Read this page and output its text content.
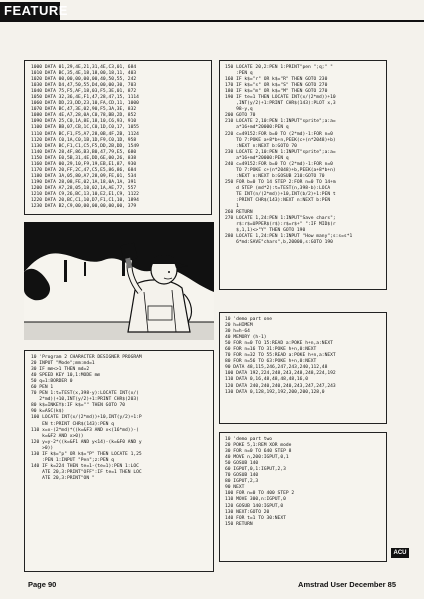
FEATURE
1000 DATA 01,29,4E,21,31,4E,C3,01, 684
1010 DATA BC,35,4E,18,18,00,18,11, 403
1020 DATA 00,00,00,00,00,40,50,55, 242
1030 DATA D4,47,50,55,D4,00,00,30, 703
1040 DATA 75,F5,AF,18,03,F5,3E,01, 872
1050 DATA 32,36,4E,F1,47,28,47,15, 1114
1060 DATA DD,23,DD,23,10,FA,CD,11, 1000
1070 DATA BC,47,3E,02,90,F5,3A,3E, 832
1080 DATA 4E,A7,28,0A,C0,78,BB,2D, 852
1090 DATA 25,C0,1A,8E,18,10,C6,93, 910
1100 DATA BB,07,CB,1C,C0,1D,C0,17, 1055
1110 DATA BC,F1,F5,A7,28,0B,4F,2B, 1124
1120 DATA C0,1A,C0,1B,1D,F9,C0,1D, 958
1130 DATA BC,F1,C1,C5,F5,DD,2B,DD, 1549
1140 DATA 28,4F,86,B3,B0,47,79,E5, 680
1150 DATA E0,5B,31,4E,DD,6E,00,26, 838
1160 DATA 00,29,10,F9,19,EB,E1,87, 930
1170 DATA 20,FF,2C,47,C5,E5,86,86, 684
1180 DATA 3A,05,80,A7,28,09,FE,01, 534
1190 DATA 28,08,FE,02,1A,18,0A,1A, 391
1200 DATA A7,28,05,18,02,1A,AE,77, 557
1210 DATA C9,26,BC,13,10,E2,E1,C9, 1122
1220 DATA 20,BC,C1,10,D7,F1,C1,10, 1894
1230 DATA B2,C9,00,00,00,00,00,00, 379
10 'Program 2 CHARACTER DESIGNER PROGRAM
20 INPUT "Mode";mm:md=1
30 IF mm<>1 THEN md=2
40 SPEED KEY 10,1:MODE mm
50 q=1:BORDER 0
60 PEN 1
70 PEN 1:t=TEST(x,398-y):LOCATE INT(x/(
2*md))+10,INT(y/2)+1:PRINT CHR$(203)
80 k$=INKEY$:IF k$="" THEN GOTO 70
90 k=ASC(k$)
100 LOCATE INT(x/(2*md))+10,INT(y/2)+1:P
EN t:PRINT CHR$(143):PEN q
110 x=x-(2*md)*((k=&F3 AND x<(16*md))-(
k=&F2 AND x>0))
120 y=y-2*((k=&F1 AND y<14)-(k=&F0 AND y
>0))
130 IF k$="p" OR k$="P" THEN LOCATE 1,25
:PEN 1:INPUT "Pen";z:PEN q
140 IF k=224 THEN te=1-(te=1):PEN 1:LOC
ATE 20,3:PRINT"OFF":IF te=1 THEN LOC
ATE 20,3:PRINT"ON "
150 LOCATE 20,2:PEN 1:PRINT"pen ";q;" "
:PEN q
160 IF k$="r" OR k$="R" THEN GOTO 230
170 IF k$="s" OR k$="S" THEN GOTO 270
180 IF k$="m" OR k$="M" THEN GOTO 270
190 IF te=1 THEN LOCATE INT(x/(2*md))+10
,INT(y/2)+1:PRINT CHR$(143):PLOT x,3
98-y,q
200 GOTO 70
210 LOCATE 2,10:PEN 1:INPUT"sprite";a:a=
a*16+md*20000:PEN q
220 c=49152:FOR b=0 TO (2*md)-1:FOR n=0
TO 7:POKE a+8*b+n,PEEK(c+(n*2048)+b)
:NEXT n:NEXT b:GOTO 70
230 LOCATE 2,10:PEN 1:INPUT"sprite";a:a=
a*16+md*20000:PEN q
240 c=49152:FOR b=0 TO (2*md)-1:FOR n=0
TO 7:POKE c+(n*2048)+b,PEEK(a+8*b+n)
:NEXT n:NEXT b:GOSUB 210:GOTO 70
250 FOR b=0 TO 14 STEP 2:FOR n=0 TO 14+m
d STEP (md*2):t=TEST(n,398-b):LOCA
TE INT(n/(2*md))+10,INT(b/2)+1:PEN t
:PRINT CHR$(143):NEXT n:NEXT b:PEN
1
260 RETURN
270 LOCATE 1,24:PEN 1:INPUT"Save chars";
r$:r$=UPPER$(r$):r$=r$+" ":IF MID$(r
$,1,1)<>"Y" THEN GOTO 190
280 LOCATE 1,24:PEN 1:INPUT "How many";s:s=s*1
6*md:SAVE"chars",b,20000,s:GOTO 190
10 'demo part one
20 h=HIMEM
30 h=h-64
40 MEMORY (h-1)
50 FOR n=0 TO 15:READ a:POKE h+n,a:NEXT
60 FOR n=16 TO 31:POKE h+n,0:NEXT
70 FOR n=32 TO 55:READ a:POKE h+n,a:NEXT
80 FOR n=56 TO 63:POKE h+n,0:NEXT
90 DATA 48,115,246,247,243,240,112,48
100 DATA 192,224,248,243,248,248,224,192
110 DATA 0,16,48,48,48,48,16,0
120 DATA 240,240,240,240,243,247,247,243
130 DATA 0,128,192,192,200,200,128,0
10 'demo part two
20 POKE 5,1:REM XOR mode
30 FOR n=0 TO 640 STEP 8
40 MOVE n,200:IGPUT,0,1
50 GOSUB 140
60 IGPUT,0,1:IGPUT,2,3
70 GOSUB 140
80 IGPUT,2,3
90 NEXT
100 FOR n=0 TO 400 STEP 2
110 MOVE 300,n:IGPUT,0
120 GOSUB 140:IGPUT,0
130 NEXT:GOTO 20
140 FOR t=1 TO 30:NEXT
150 RETURN
ACU
Page 90	Amstrad User December 85
